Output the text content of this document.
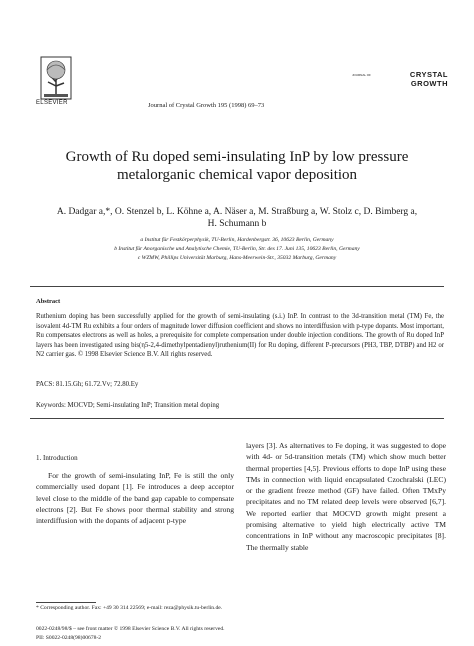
ELSEVIER	Journal of Crystal Growth 195 (1998) 69–73
JOURNAL OF	CRYSTAL
GROWTH
Growth of Ru doped semi-insulating InP by low pressure
metalorganic chemical vapor deposition
A. Dadgar a,*, O. Stenzel b, L. Köhne a, A. Näser a, M. Straßburg a, W. Stolz c, D. Bimberg a,
H. Schumann b
a Institut für Festkörperphysik, TU-Berlin, Hardenbergstr. 36, 10623 Berlin, Germany
b Institut für Anorganische und Analytische Chemie, TU-Berlin, Str. des 17. Juni 135, 10623 Berlin, Germany
c WZMW, Phillips Universität Marburg, Hans-Meerwein-Str., 35032 Marburg, Germany
Abstract
Ruthenium doping has been successfully applied for the growth of semi-insulating (s.i.) InP. In contrast to the 3d-transition metal (TM) Fe, the isovalent 4d-TM Ru exhibits a four orders of magnitude lower diffusion coefficient and shows no interdiffusion with p-type dopants. Most important, Ru compensates electrons as well as holes, a prerequisite for complete compensation under double injection conditions. The growth of Ru doped InP layers has been investigated using bis(η5-2,4-dimethylpentadienyl)ruthenium(II) for Ru doping, different P-precursors (PH3, TBP, DTBP) and H2 or N2 carrier gas. © 1998 Elsevier Science B.V. All rights reserved.
PACS: 81.15.Gh; 61.72.Vv; 72.80.Ey
Keywords: MOCVD; Semi-insulating InP; Transition metal doping
1. Introduction
For the growth of semi-insulating InP, Fe is still the only commercially used dopant [1]. Fe introduces a deep acceptor level close to the middle of the band gap capable to compensate electrons [2]. But Fe shows poor thermal stability and strong interdiffusion with the dopants of adjacent p-type
layers [3]. As alternatives to Fe doping, it was suggested to dope with 4d- or 5d-transition metals (TM) which show much better thermal properties [4,5]. Previous efforts to dope InP using these TMs in connection with liquid encapsulated Czochralski (LEC) or the gradient freeze method (GF) have failed. Often TMxPy precipitates and no TM related deep levels were observed [6,7]. We reported earlier that MOCVD growth might present a promising alternative to yield high electrically active TM concentrations in InP without any macroscopic precipitates [8]. The thermally stable
* Corresponding author. Fax: +49 30 314 22569; e-mail: reza@physik.tu-berlin.de.
0022-0248/98/$ – see front matter © 1998 Elsevier Science B.V. All rights reserved.
PII: S0022-0248(98)00678-2
